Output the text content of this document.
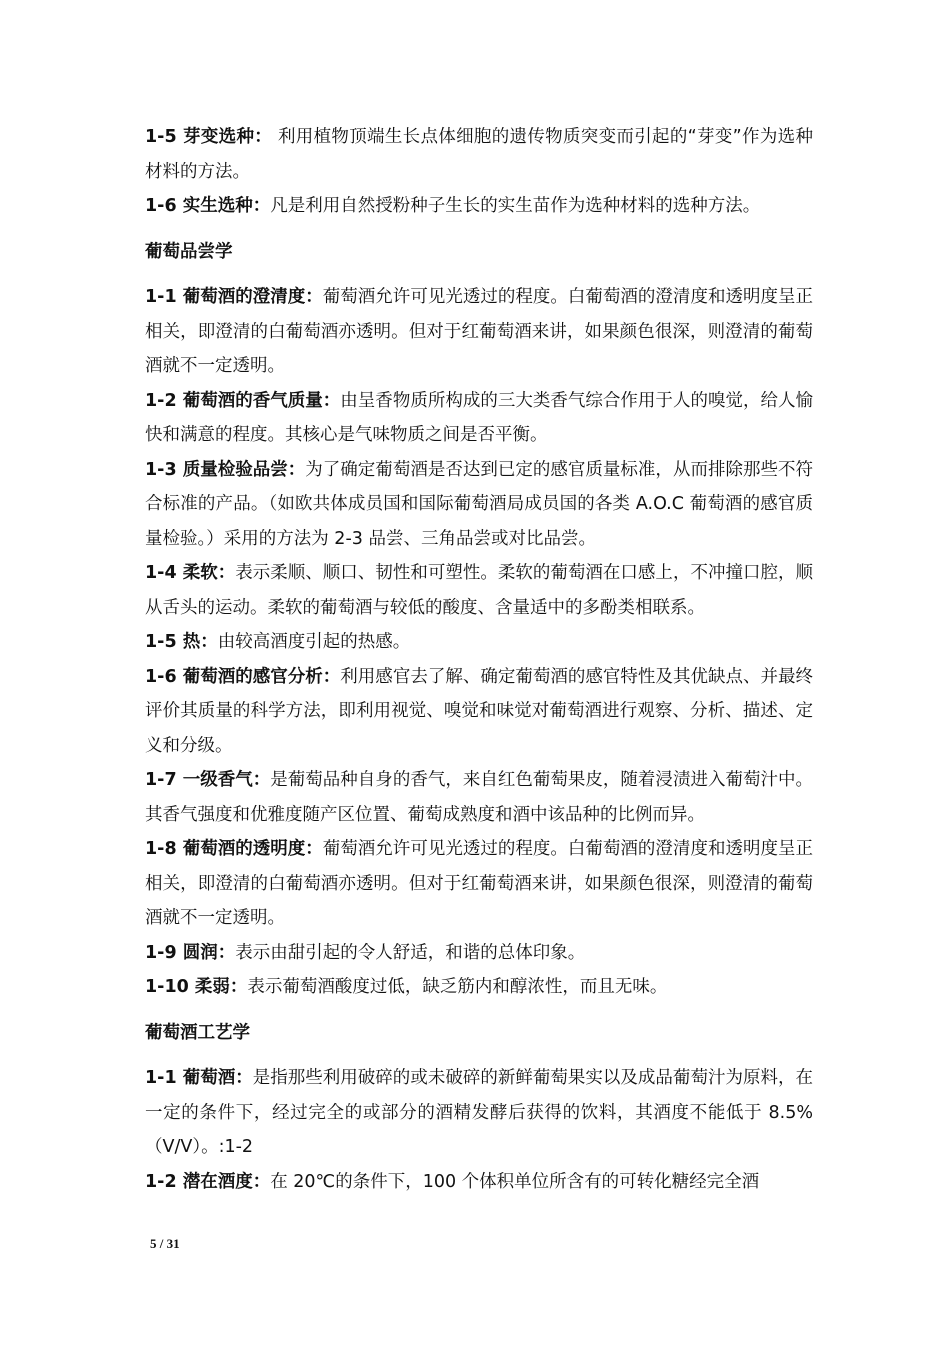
1-5 芽变选种： 利用植物顶端生长点体细胞的遗传物质突变而引起的“芽变”作为选种材料的方法。

1-6 实生选种：凡是利用自然授粉种子生长的实生苗作为选种材料的选种方法。

葡萄品尝学

1-1 葡萄酒的澄清度：葡萄酒允许可见光透过的程度。白葡萄酒的澄清度和透明度呈正相关，即澄清的白葡萄酒亦透明。但对于红葡萄酒来讲，如果颜色很深，则澄清的葡萄酒就不一定透明。

1-2 葡萄酒的香气质量：由呈香物质所构成的三大类香气综合作用于人的嗅觉，给人愉快和满意的程度。其核心是气味物质之间是否平衡。

1-3 质量检验品尝：为了确定葡萄酒是否达到已定的感官质量标准，从而排除那些不符合标准的产品。（如欧共体成员国和国际葡萄酒局成员国的各类 A.O.C 葡萄酒的感官质量检验。）采用的方法为 2-3 品尝、三角品尝或对比品尝。

1-4 柔软：表示柔顺、顺口、韧性和可塑性。柔软的葡萄酒在口感上，不冲撞口腔，顺从舌头的运动。柔软的葡萄酒与较低的酸度、含量适中的多酚类相联系。

1-5 热：由较高酒度引起的热感。

1-6 葡萄酒的感官分析：利用感官去了解、确定葡萄酒的感官特性及其优缺点、并最终评价其质量的科学方法，即利用视觉、嗅觉和味觉对葡萄酒进行观察、分析、描述、定义和分级。

1-7 一级香气：是葡萄品种自身的香气，来自红色葡萄果皮，随着浸渍进入葡萄汁中。其香气强度和优雅度随产区位置、葡萄成熟度和酒中该品种的比例而异。

1-8 葡萄酒的透明度：葡萄酒允许可见光透过的程度。白葡萄酒的澄清度和透明度呈正相关，即澄清的白葡萄酒亦透明。但对于红葡萄酒来讲，如果颜色很深，则澄清的葡萄酒就不一定透明。

1-9 圆润：表示由甜引起的令人舒适，和谐的总体印象。

1-10 柔弱：表示葡萄酒酸度过低，缺乏筋内和醇浓性，而且无味。

葡萄酒工艺学

1-1 葡萄酒：是指那些利用破碎的或未破碎的新鲜葡萄果实以及成品葡萄汁为原料，在一定的条件下，经过完全的或部分的酒精发酵后获得的饮料，其酒度不能低于 8.5%（V/V）。:1-2

1-2 潜在酒度：在 20℃的条件下，100 个体积单位所含有的可转化糖经完全酒

5 / 31
